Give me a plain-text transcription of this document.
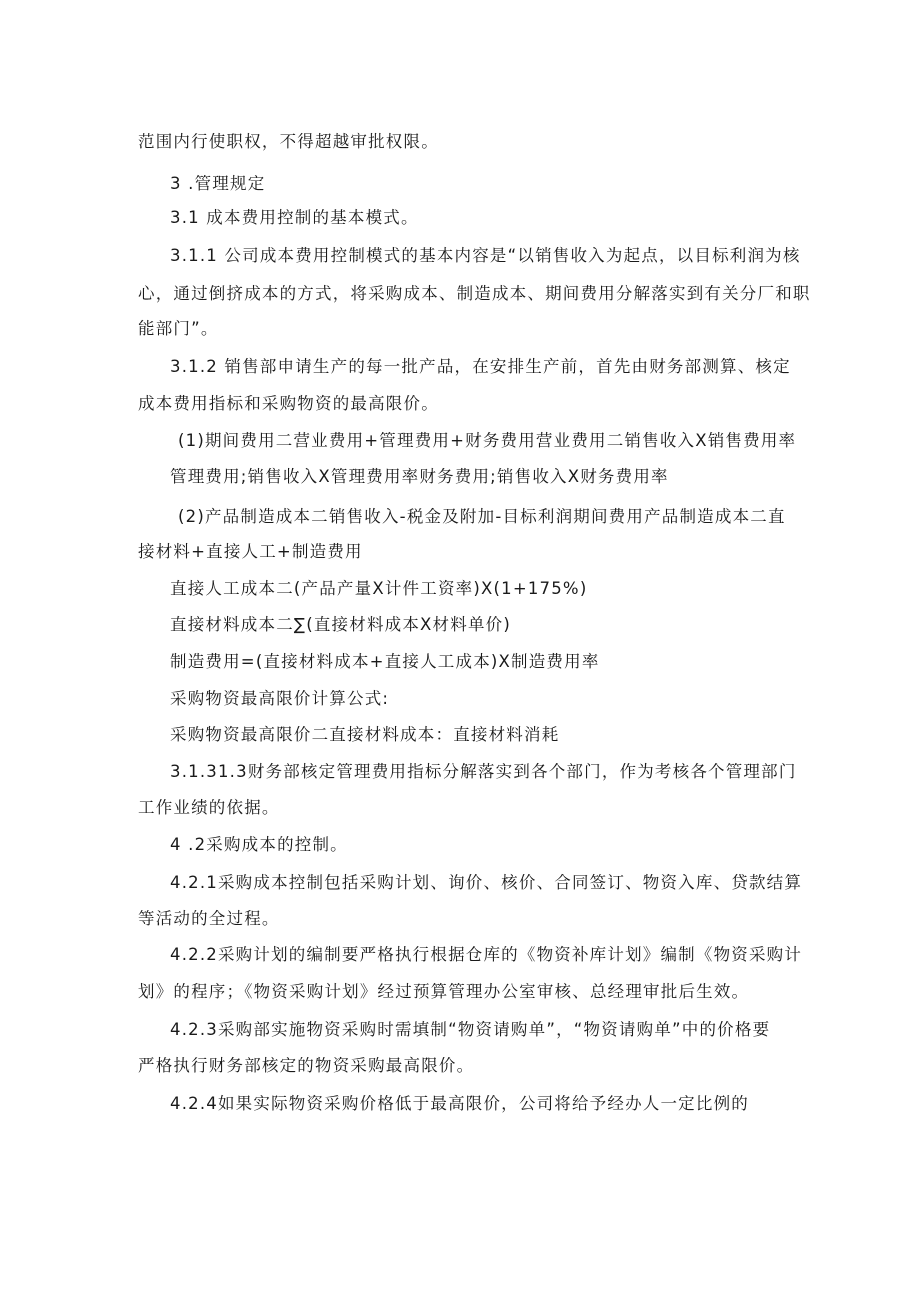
范围内行使职权，不得超越审批权限。

3 .管理规定

3.1 成本费用控制的基本模式。

3.1.1 公司成本费用控制模式的基本内容是“以销售收入为起点，以目标利润为核

心，通过倒挤成本的方式，将采购成本、制造成本、期间费用分解落实到有关分厂和职

能部门”。

3.1.2 销售部申请生产的每一批产品，在安排生产前，首先由财务部测算、核定

成本费用指标和采购物资的最高限价。

(1)期间费用二营业费用+管理费用+财务费用营业费用二销售收入X销售费用率

管理费用;销售收入X管理费用率财务费用;销售收入X财务费用率

(2)产品制造成本二销售收入-税金及附加-目标利润期间费用产品制造成本二直

接材料+直接人工+制造费用

直接人工成本二(产品产量X计件工资率)X(1+175%)

直接材料成本二∑(直接材料成本X材料单价)

制造费用=(直接材料成本+直接人工成本)X制造费用率

采购物资最高限价计算公式:

采购物资最高限价二直接材料成本：直接材料消耗

3.1.31.3财务部核定管理费用指标分解落实到各个部门，作为考核各个管理部门

工作业绩的依据。

4 .2采购成本的控制。

4.2.1采购成本控制包括采购计划、询价、核价、合同签订、物资入库、贷款结算

等活动的全过程。

4.2.2采购计划的编制要严格执行根据仓库的《物资补库计划》编制《物资采购计

划》的程序；《物资采购计划》经过预算管理办公室审核、总经理审批后生效。

4.2.3采购部实施物资采购时需填制“物资请购单”，“物资请购单”中的价格要

严格执行财务部核定的物资采购最高限价。

4.2.4如果实际物资采购价格低于最高限价，公司将给予经办人一定比例的
